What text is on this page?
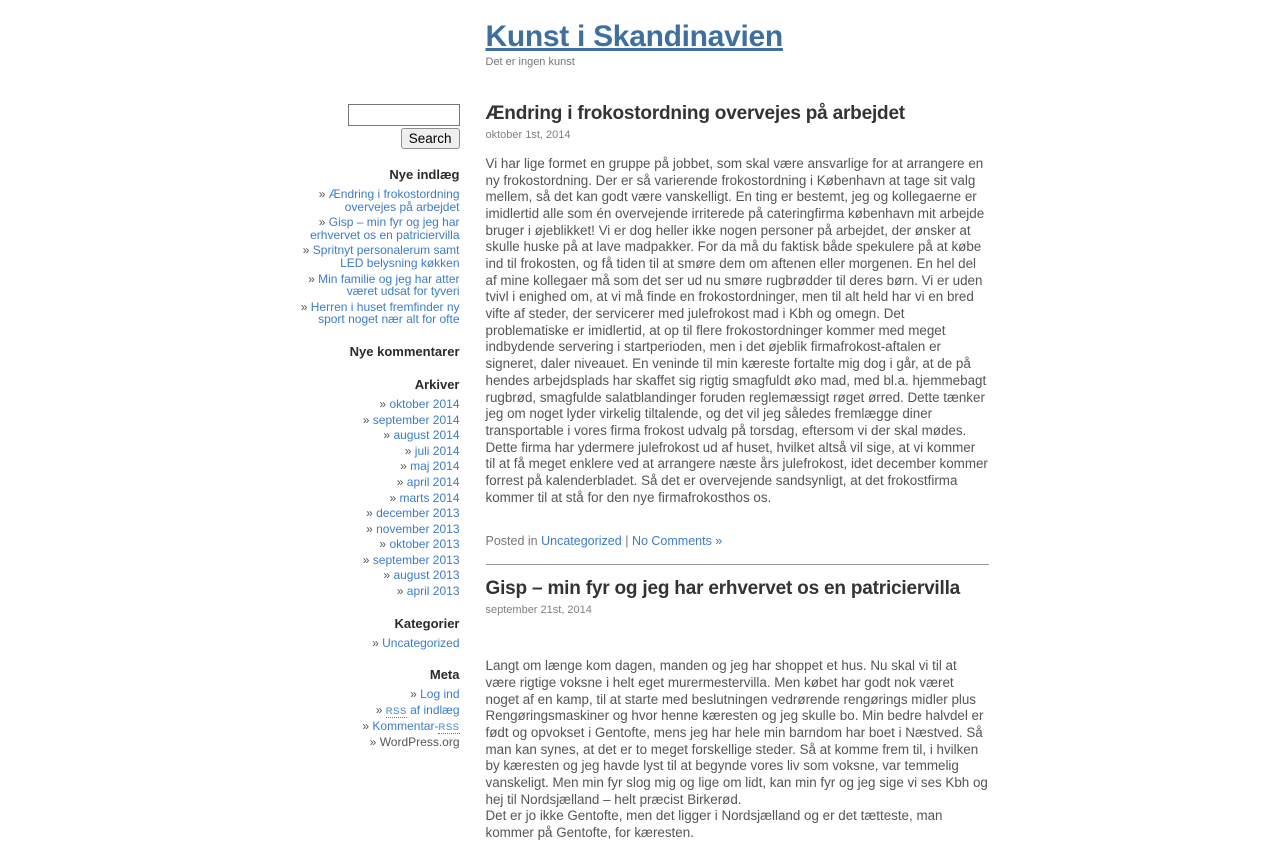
Kunst i Skandinavien
Det er ingen kunst

Search
Nye indlæg
» Ændring i frokostordning overvejes på arbejdet
» Gisp – min fyr og jeg har erhvervet os en patriciervilla
» Spritnyt personalerum samt LED belysning køkken
» Min familie og jeg har atter været udsat for tyveri
» Herren i huset fremfinder ny sport noget nær alt for ofte
Nye kommentarer
Arkiver
» oktober 2014
» september 2014
» august 2014
» juli 2014
» maj 2014
» april 2014
» marts 2014
» december 2013
» november 2013
» oktober 2013
» september 2013
» august 2013
» april 2013
Kategorier
» Uncategorized
Meta
» Log ind
» RSS af indlæg
» Kommentar-RSS
» WordPress.org
Ændring i frokostordning overvejes på arbejdet
oktober 1st, 2014

Vi har lige formet en gruppe på jobbet, som skal være ansvarlige for at arrangere en ny frokostordning. Der er så varierende frokostordning i København at tage sit valg mellem, så det kan godt være vanskelligt. En ting er bestemt, jeg og kollegaerne er imidlertid alle som én overvejende irriterede på cateringfirma københavn mit arbejde bruger i øjeblikket! Vi er dog heller ikke nogen personer på arbejdet, der ønsker at skulle huske på at lave madpakker. For da må du faktisk både spekulere på at købe ind til frokosten, og få tiden til at smøre dem om aftenen eller morgenen. En hel del af mine kollegaer må som det ser ud nu smøre rugbrødder til deres børn. Vi er uden tvivl i enighed om, at vi må finde en frokostordninger, men til alt held har vi en bred vifte af steder, der servicerer med julefrokost mad i Kbh og omegn. Det problematiske er imidlertid, at op til flere frokostordninger kommer med meget indbydende servering i startperioden, men i det øjeblik firmafrokost-aftalen er signeret, daler niveauet. En veninde til min kæreste fortalte mig dog i går, at de på hendes arbejdsplads har skaffet sig rigtig smagfuldt øko mad, med bl.a. hjemmebagt rugbrød, smagfulde salatblandinger foruden reglemæssigt røget ørred. Dette tænker jeg om noget lyder virkelig tiltalende, og det vil jeg således fremlægge diner transportable i vores firma frokost udvalg på torsdag, eftersom vi der skal mødes. Dette firma har ydermere julefrokost ud af huset, hvilket altså vil sige, at vi kommer til at få meget enklere ved at arrangere næste års julefrokost, idet december kommer forrest på kalenderbladet. Så det er overvejende sandsynligt, at det frokostfirma kommer til at stå for den nye firmafrokosthos os.

Posted in Uncategorized | No Comments »
Gisp – min fyr og jeg har erhvervet os en patriciervilla
september 21st, 2014

Langt om længe kom dagen, manden og jeg har shoppet et hus. Nu skal vi til at være rigtige voksne i helt eget murermestervilla. Men købet har godt nok været noget af en kamp, til at starte med beslutningen vedrørende rengørings midler plus Rengøringsmaskiner og hvor henne kæresten og jeg skulle bo. Min bedre halvdel er født og opvokset i Gentofte, mens jeg har hele min barndom har boet i Næstved. Så man kan synes, at det er to meget forskellige steder. Så at komme frem til, i hvilken by kæresten og jeg havde lyst til at begynde vores liv som voksne, var temmelig vanskeligt. Men min fyr slog mig og lige om lidt, kan min fyr og jeg sige vi ses Kbh og hej til Nordsjælland – helt præcist Birkerød.

Det er jo ikke Gentofte, men det ligger i Nordsjælland og er det tætteste, man kommer på Gentofte, for kæresten.
